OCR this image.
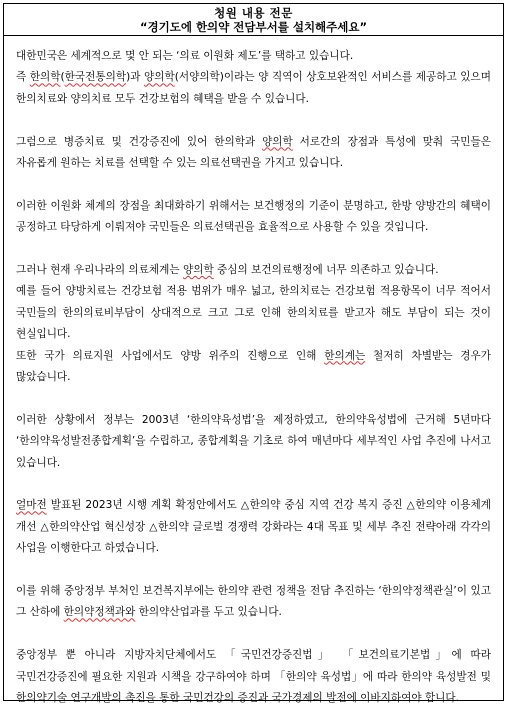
청원 내용 전문
“경기도에 한의약 전담부서를 설치해주세요”

대한민국은 세계적으로 몇 안 되는 ‘의료 이원화 제도’를 택하고 있습니다.

즉 한의학(한국전통의학)과 양의학(서양의학)이라는 양 직역이 상호보완적인 서비스를 제공하고 있으며 한의치료와 양의치료 모두 건강보험의 혜택을 받을 수 있습니다.

그럼으로 병증치료 및 건강증진에 있어 한의학과 양의학 서로간의 장점과 특성에 맞춰 국민들은 자유롭게 원하는 치료를 선택할 수 있는 의료선택권을 가지고 있습니다.

이러한 이원화 체계의 장점을 최대화하기 위해서는 보건행정의 기준이 분명하고, 한방 양방간의 혜택이 공정하고 타당하게 이뤄져야 국민들은 의료선택권을 효율적으로 사용할 수 있을 것입니다.

그러나 현재 우리나라의 의료체계는 양의학 중심의 보건의료행정에 너무 의존하고 있습니다.

예를 들어 양방치료는 건강보험 적용 범위가 매우 넓고, 한의치료는 건강보험 적용항목이 너무 적어서 국민들의 한의의료비부담이 상대적으로 크고 그로 인해 한의치료를 받고자 해도 부담이 되는 것이 현실입니다.

또한 국가 의료지원 사업에서도 양방 위주의 진행으로 인해 한의계는 철저히 차별받는 경우가 많았습니다.

이러한 상황에서 정부는 2003년 ‘한의약육성법’을 제정하였고, 한의약육성법에 근거해 5년마다 ‘한의약육성발전종합계획’을 수립하고, 종합계획을 기초로 하여 매년마다 세부적인 사업 추진에 나서고 있습니다.

얼마전 발표된 2023년 시행 계획 확정안에서도 △한의약 중심 지역 건강 복지 증진 △한의약 이용체계 개선 △한의약산업 혁신성장 △한의약 글로벌 경쟁력 강화라는 4대 목표 및 세부 추진 전략아래 각각의 사업을 이행한다고 하였습니다.

이를 위해 중앙정부 부처인 보건복지부에는 한의약 관련 정책을 전담 추진하는 ‘한의약정책관실’이 있고 그 산하에 한의약정책과와 한의약산업과를 두고 있습니다.

중앙정부 뿐 아니라 지방자치단체에서도 「국민건강증진법」 「보건의료기본법」에 따라 국민건강증진에 필요한 지원과 시책을 강구하여야 하며 「한의약 육성법」에 따라 한의약 육성발전 및 한의약기술 연구개발의 촉진을 통한 국민건강의 증진과 국가경제의 발전에 이바지하여야 합니다.
